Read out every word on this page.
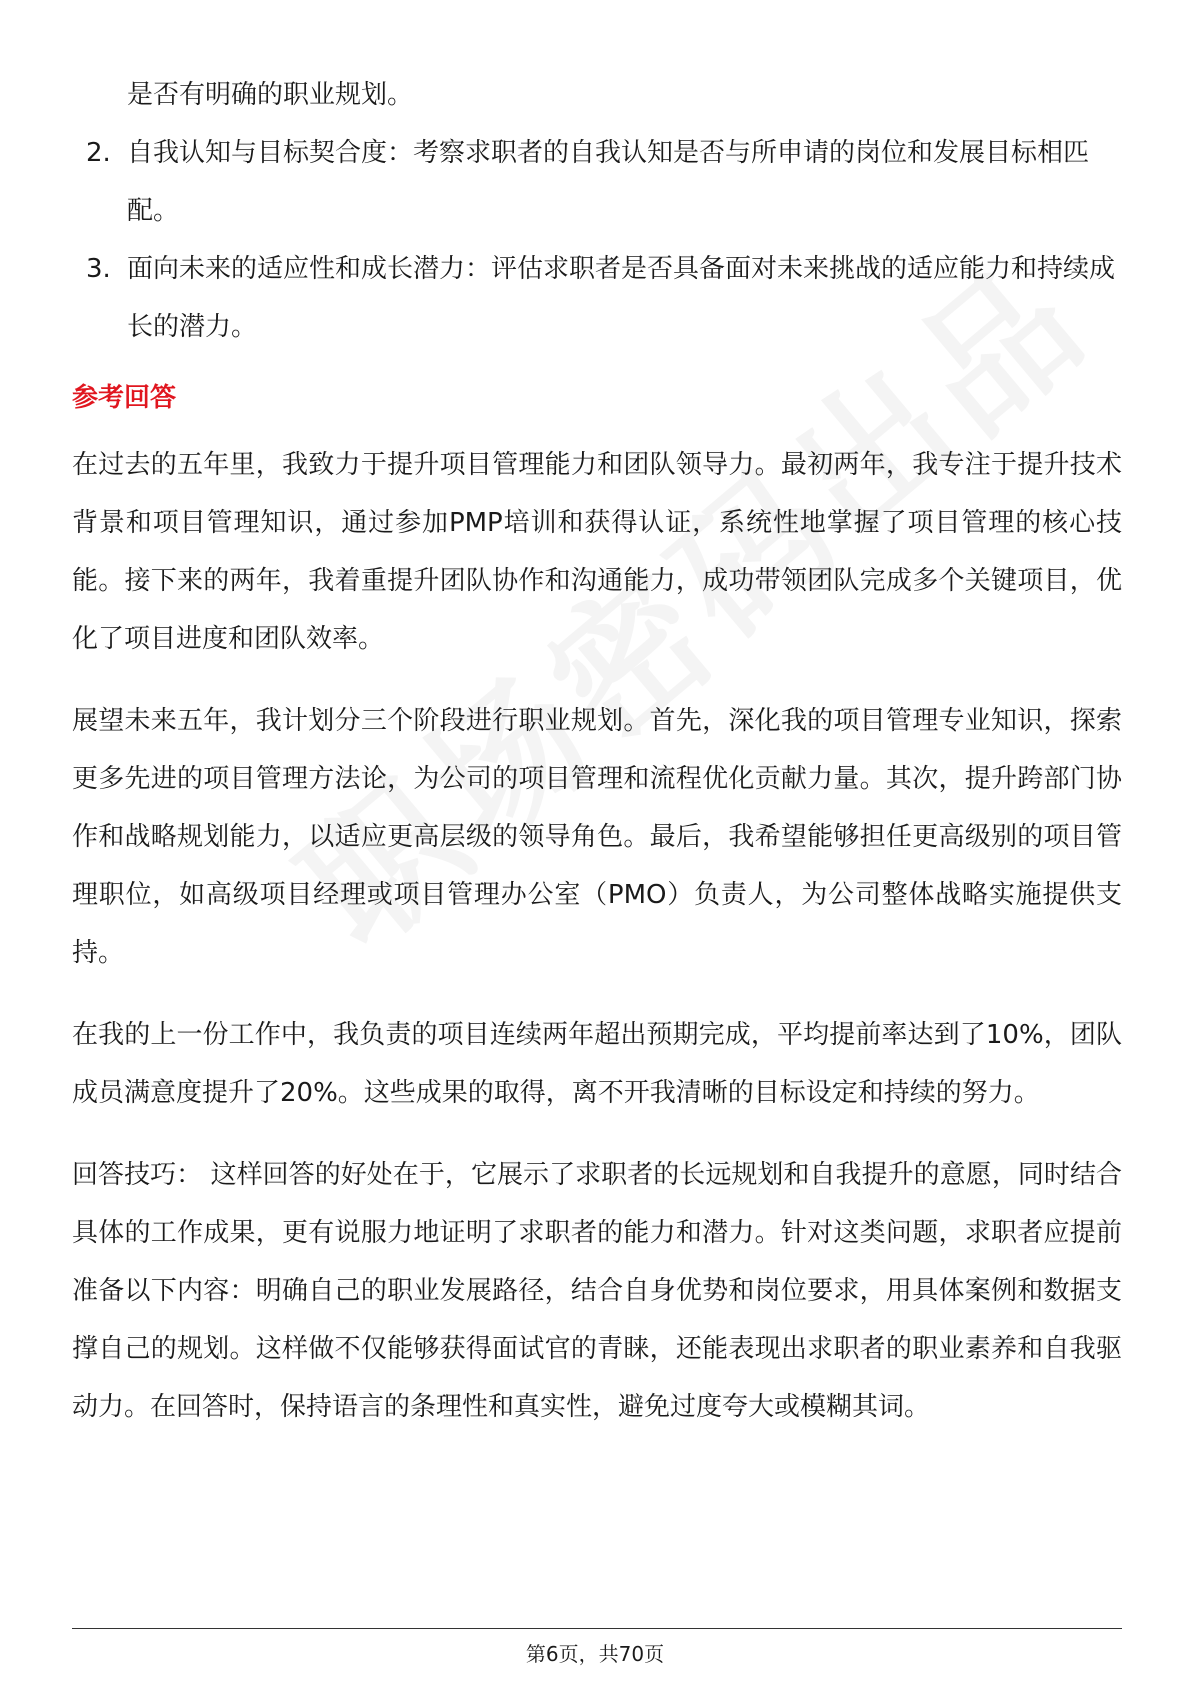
是否有明确的职业规划。
2. 自我认知与目标契合度：考察求职者的自我认知是否与所申请的岗位和发展目标相匹配。
3. 面向未来的适应性和成长潜力：评估求职者是否具备面对未来挑战的适应能力和持续成长的潜力。
参考回答

在过去的五年里，我致力于提升项目管理能力和团队领导力。最初两年，我专注于提升技术背景和项目管理知识，通过参加PMP培训和获得认证，系统性地掌握了项目管理的核心技能。接下来的两年，我着重提升团队协作和沟通能力，成功带领团队完成多个关键项目，优化了项目进度和团队效率。

展望未来五年，我计划分三个阶段进行职业规划。首先，深化我的项目管理专业知识，探索更多先进的项目管理方法论，为公司的项目管理和流程优化贡献力量。其次，提升跨部门协作和战略规划能力，以适应更高层级的领导角色。最后，我希望能够担任更高级别的项目管理职位，如高级项目经理或项目管理办公室（PMO）负责人，为公司整体战略实施提供支持。

在我的上一份工作中，我负责的项目连续两年超出预期完成，平均提前率达到了10%，团队成员满意度提升了20%。这些成果的取得，离不开我清晰的目标设定和持续的努力。

回答技巧： 这样回答的好处在于，它展示了求职者的长远规划和自我提升的意愿，同时结合具体的工作成果，更有说服力地证明了求职者的能力和潜力。针对这类问题，求职者应提前准备以下内容：明确自己的职业发展路径，结合自身优势和岗位要求，用具体案例和数据支撑自己的规划。这样做不仅能够获得面试官的青睐，还能表现出求职者的职业素养和自我驱动力。在回答时，保持语言的条理性和真实性，避免过度夸大或模糊其词。

第6页，共70页
